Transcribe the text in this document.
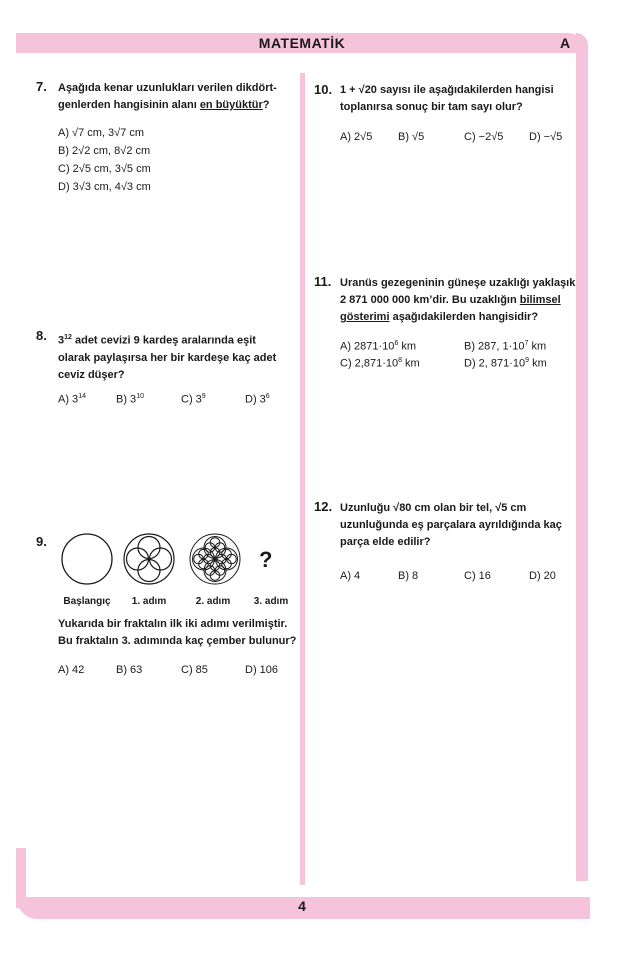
MATEMATİK	A
4
7. Aşağıda kenar uzunlukları verilen dikdört-
genlerden hangisinin alanı en büyüktür?
A) √7 cm, 3√7 cm
B) 2√2 cm, 8√2 cm
C) 2√5 cm, 3√5 cm
D) 3√3 cm, 4√3 cm
8. $3^{12}$ adet cevizi 9 kardeş aralarında eşit
olarak paylaşırsa her bir kardeşe kaç adet
ceviz düşer?
A) $3^{14}$	B) $3^{10}$	C) $3^9$	D) $3^6$
9.
?
Başlangıç	1. adım	2. adım	3. adım
Yukarıda bir fraktalın ilk iki adımı verilmiştir.
Bu fraktalın 3. adımında kaç çember bulunur?
A) 42	B) 63	C) 85	D) 106
10. 1 + √20 sayısı ile aşağıdakilerden hangisi
toplanırsa sonuç bir tam sayı olur?
A) 2√5 B) √5	C) −2√5 D) −√5
11. Uranüs gezegeninin güneşe uzaklığı yaklaşık
2 871 000 000 km’dir. Bu uzaklığın bilimsel
gösterimi aşağıdakilerden hangisidir?
A) $2871\cdot 10^6$ km	B) 287, $1\cdot 10^7$ km
C) $2,871\cdot 10^8$ km	D) 2, $871\cdot 10^9$ km
12. Uzunluğu √80 cm olan bir tel, √5 cm
uzunluğunda eş parçalara ayrıldığında kaç
parça elde edilir?
A) 4	B) 8	C) 16	D) 20
